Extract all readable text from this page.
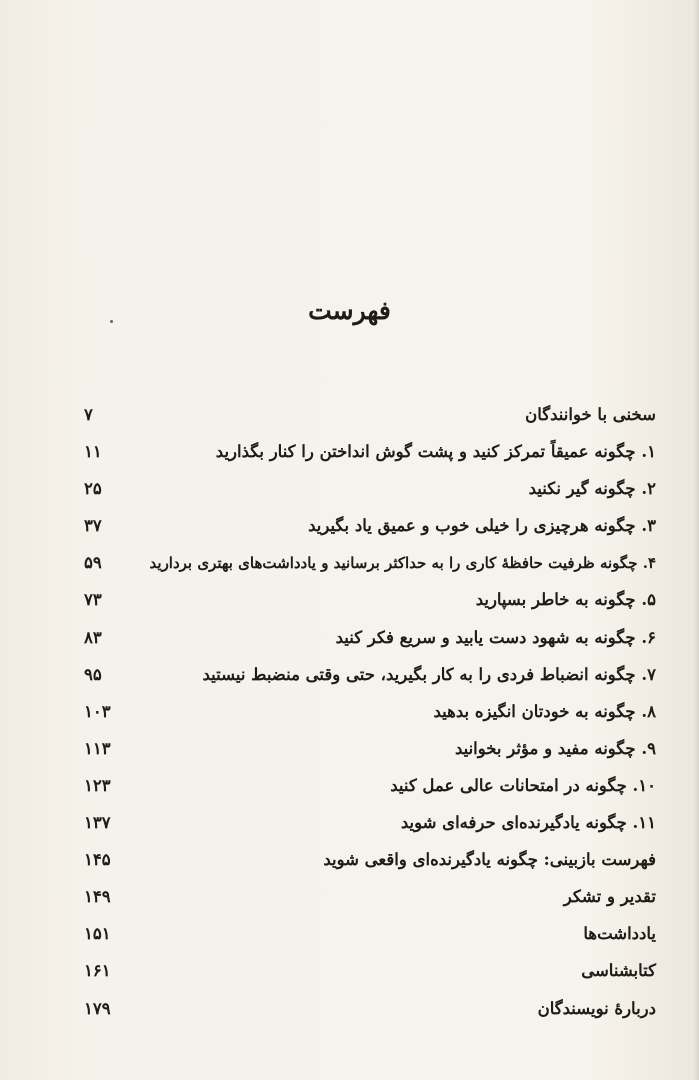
فهرست
سخنی با خوانندگان
۷
۱. چگونه عمیقاً تمرکز کنید و پشت گوش انداختن را کنار بگذارید
۱۱
۲. چگونه گیر نکنید
۲۵
۳. چگونه هرچیزی را خیلی خوب و عمیق یاد بگیرید
۳۷
۴. چگونه ظرفیت حافظهٔ کاری را به حداکثر برسانید و یادداشت‌های بهتری بردارید
۵۹
۵. چگونه به خاطر بسپارید
۷۳
۶. چگونه به شهود دست یابید و سریع فکر کنید
۸۳
۷. چگونه انضباط فردی را به کار بگیرید، حتی وقتی منضبط نیستید
۹۵
۸. چگونه به خودتان انگیزه بدهید
۱۰۳
۹. چگونه مفید و مؤثر بخوانید
۱۱۳
۱۰. چگونه در امتحانات عالی عمل کنید
۱۲۳
۱۱. چگونه یادگیرنده‌ای حرفه‌ای شوید
۱۳۷
فهرست بازبینی: چگونه یادگیرنده‌ای واقعی شوید
۱۴۵
تقدیر و تشکر
۱۴۹
یادداشت‌ها
۱۵۱
کتابشناسی
۱۶۱
دربارهٔ نویسندگان
۱۷۹
